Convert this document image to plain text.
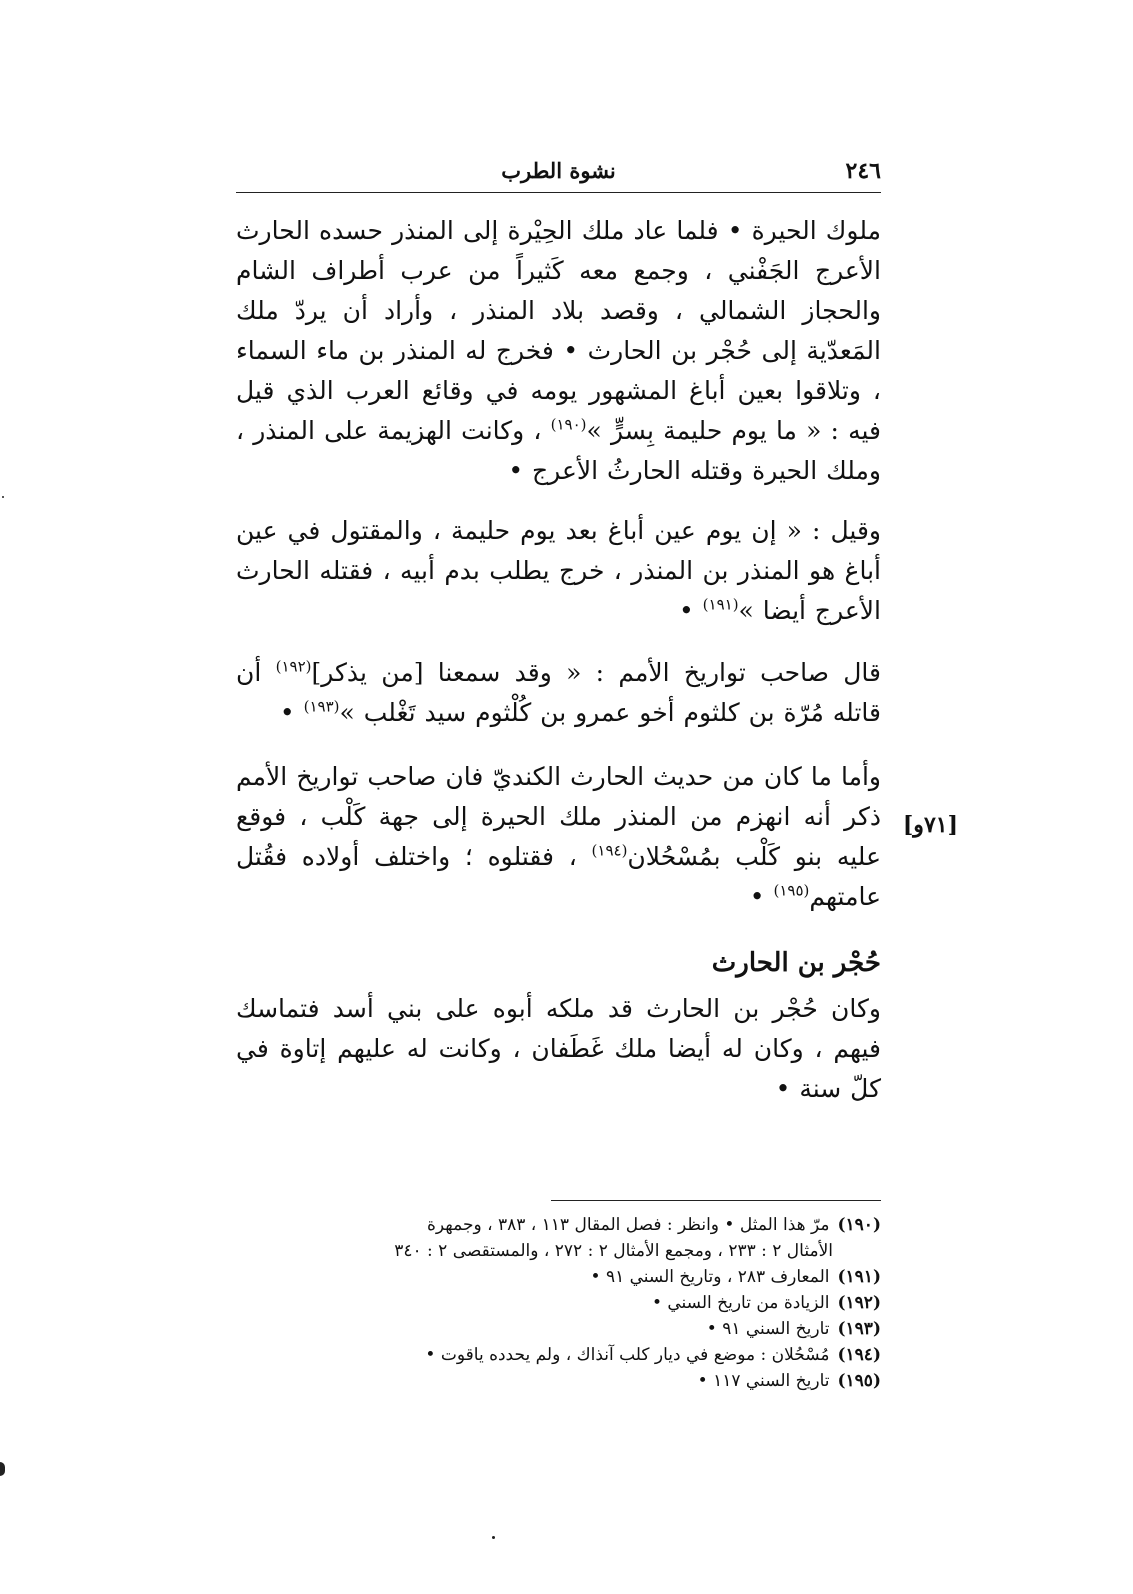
٢٤٦
نشوة الطرب

ملوك الحيرة • فلما عاد ملك الحِيْرة إلى المنذر حسده الحارث الأعرج الجَفْني ، وجمع معه كَثيراً من عرب أطراف الشام والحجاز الشمالي ، وقصد بلاد المنذر ، وأراد أن يردّ ملك المَعدّية إلى حُجْر بن الحارث • فخرج له المنذر بن ماء السماء ، وتلاقوا بعين أباغ المشهور يومه في وقائع العرب الذي قيل فيه : « ما يوم حليمة بِسرٍّ »$^{(١٩٠)}$ ، وكانت الهزيمة على المنذر ، وملك الحيرة وقتله الحارثُ الأعرج •

وقيل : « إن يوم عين أباغ بعد يوم حليمة ، والمقتول في عين أباغ هو المنذر بن المنذر ، خرج يطلب بدم أبيه ، فقتله الحارث الأعرج أيضا »$^{(١٩١)}$ •

قال صاحب تواريخ الأمم : « وقد سمعنا [من يذكر]$^{(١٩٢)}$ أن قاتله مُرّة بن كلثوم أخو عمرو بن كُلْثوم سيد تَغْلب »$^{(١٩٣)}$ •

وأما ما كان من حديث الحارث الكنديّ فان صاحب تواريخ الأمم ذكر أنه انهزم من المنذر ملك الحيرة إلى جهة كَلْب ، فوقع عليه بنو كَلْب بمُسْحُلان$^{(١٩٤)}$ ، فقتلوه ؛ واختلف أولاده فقُتل عامتهم$^{(١٩٥)}$ •

حُجْر بن الحارث

وكان حُجْر بن الحارث قد ملكه أبوه على بني أسد فتماسك فيهم ، وكان له أيضا ملك غَطَفان ، وكانت له عليهم إتاوة في كلّ سنة •

[٧١و]

(١٩٠)مرّ هذا المثل • وانظر : فصل المقال ١١٣ ، ٣٨٣ ، وجمهرة

الأمثال ٢ : ٢٣٣ ، ومجمع الأمثال ٢ : ٢٧٢ ، والمستقصى ٢ : ٣٤٠

(١٩١)المعارف ٢٨٣ ، وتاريخ السني ٩١ •

(١٩٢)الزيادة من تاريخ السني •

(١٩٣)تاريخ السني ٩١ •

(١٩٤)مُسْحُلان : موضع في ديار كلب آنذاك ، ولم يحدده ياقوت •

(١٩٥)تاريخ السني ١١٧ •
